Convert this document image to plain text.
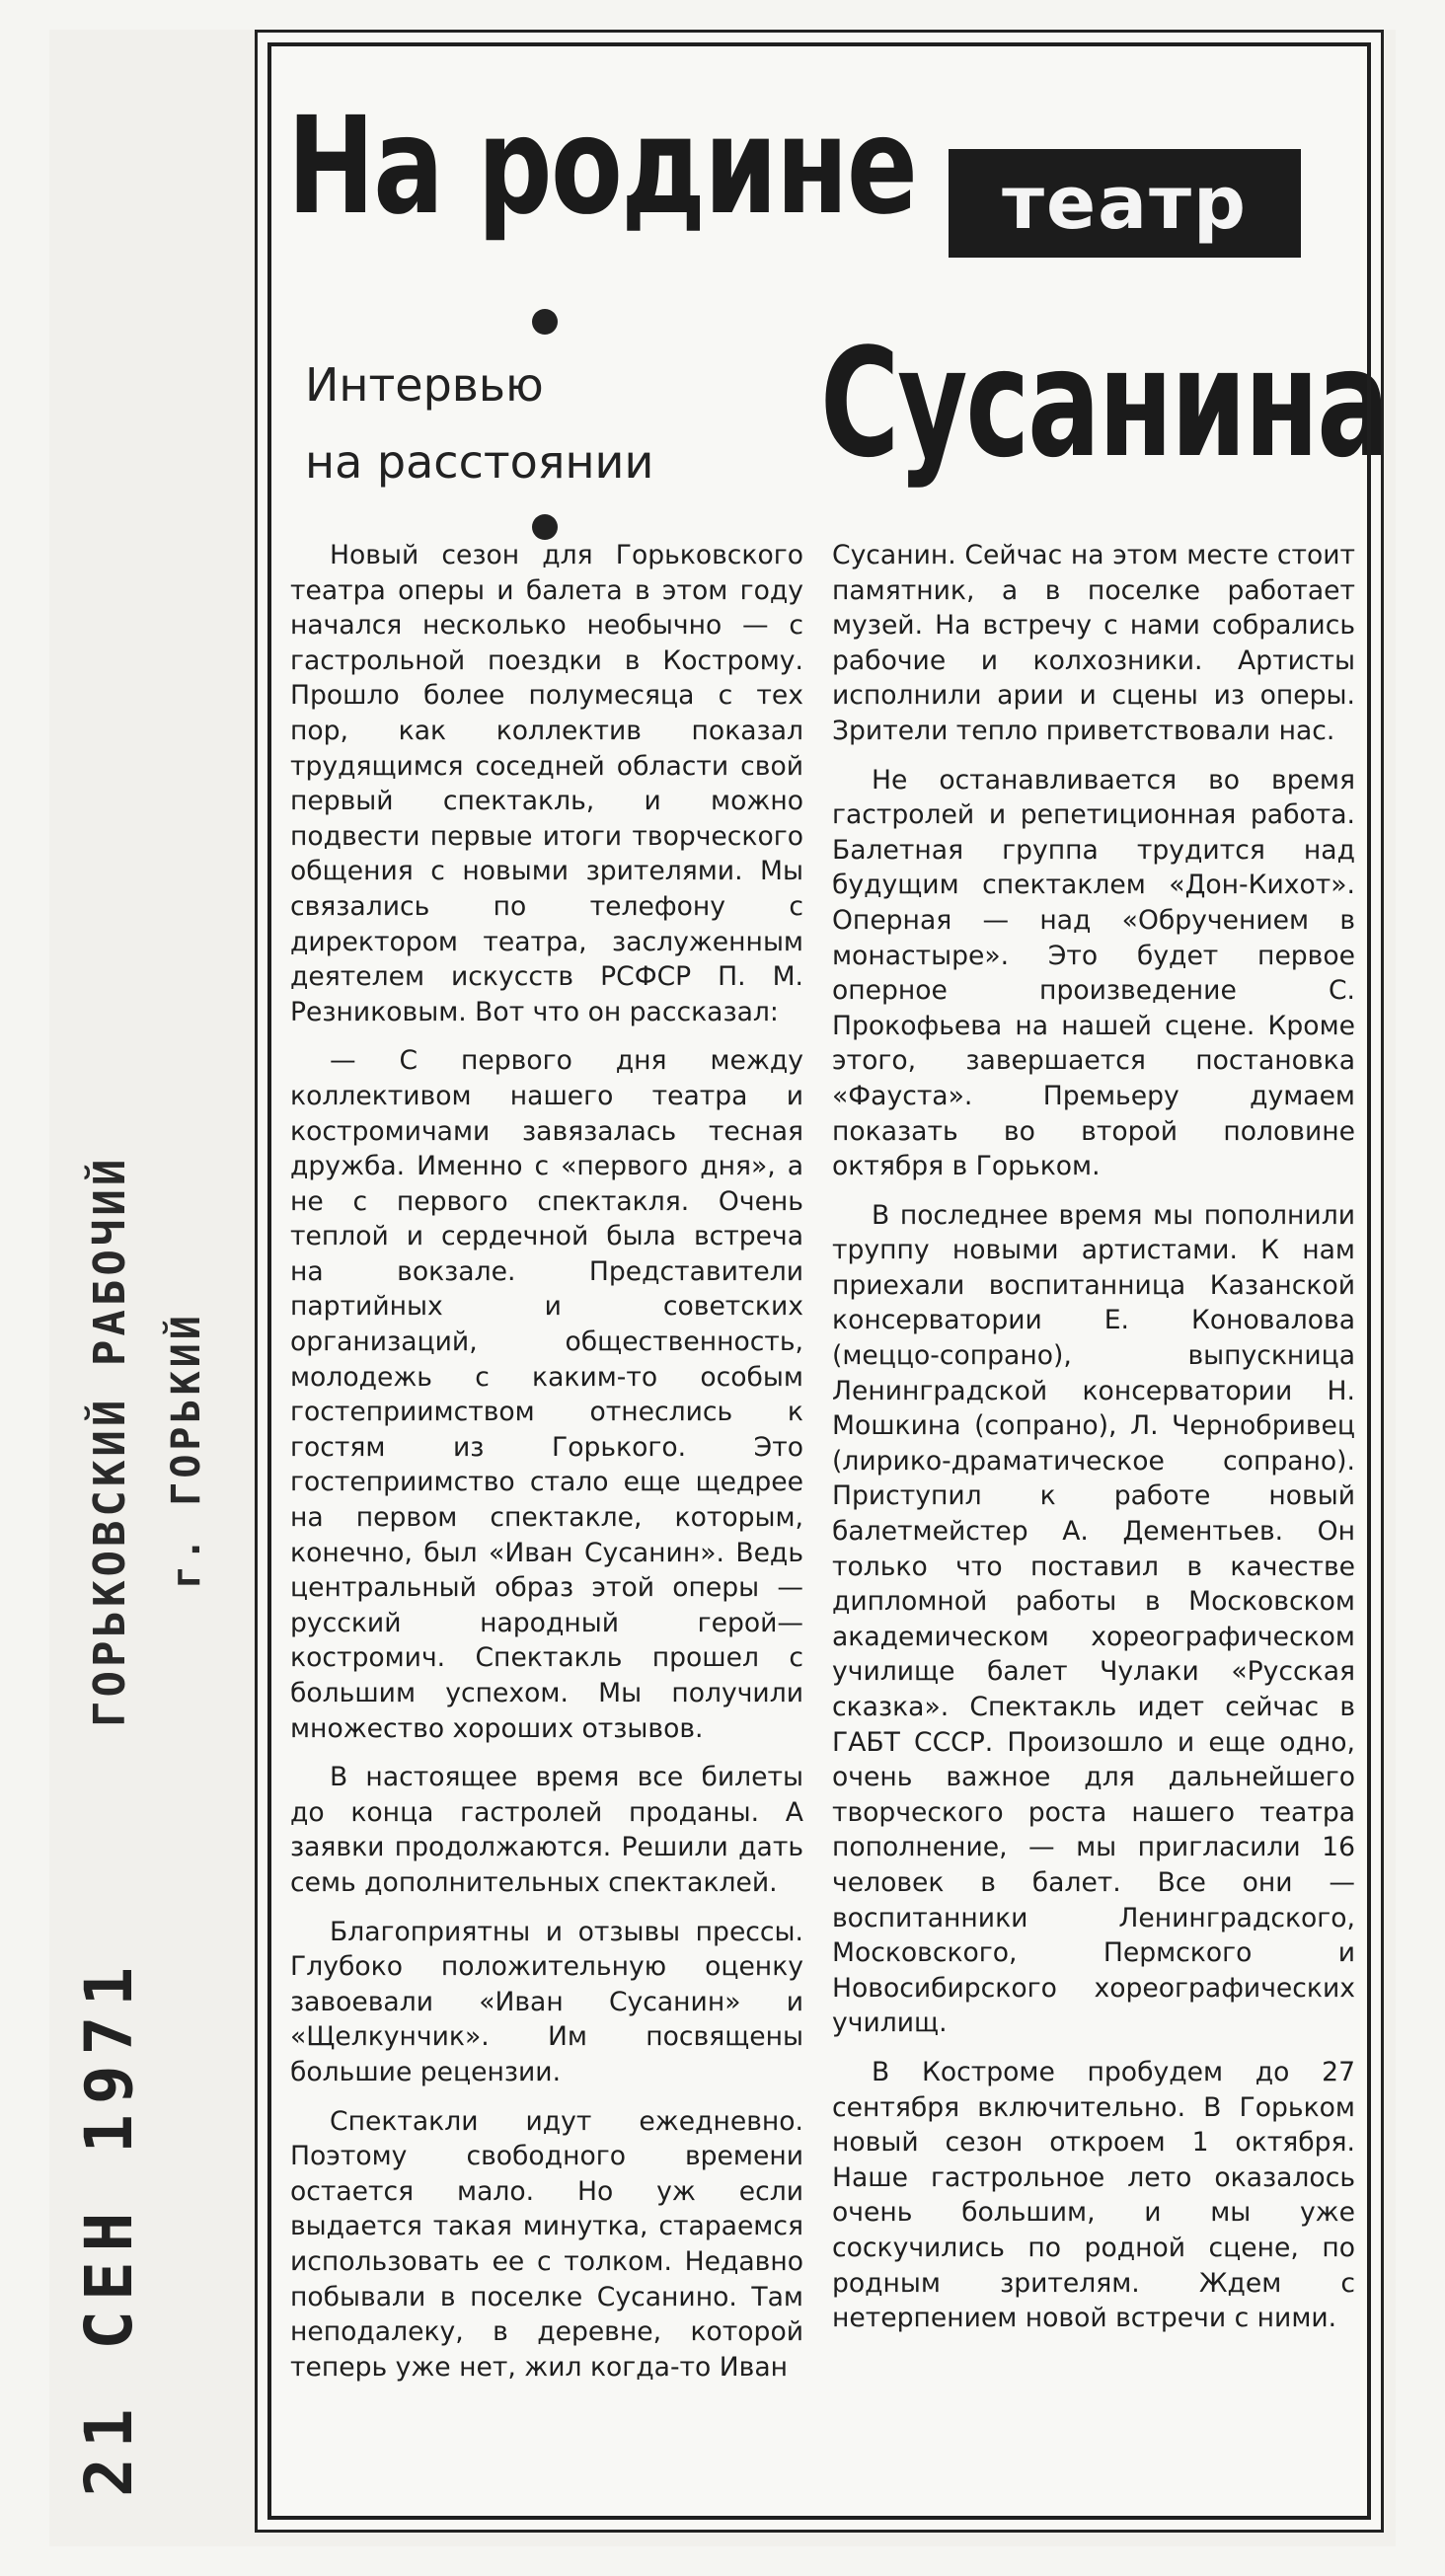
ГОРЬКОВСКИЙ РАБОЧИЙ г. ГОРЬКИЙ
21 СЕН 1971
На родине	театр
Сусанина
Интервью
на расстоянии

Новый сезон для Горьковского театра оперы и балета в этом году начался несколько необычно — с гастрольной поездки в Кострому. Прошло более полумесяца с тех пор, как коллектив показал трудящимся соседней области свой первый спектакль, и можно подвести первые итоги творческого общения с новыми зрителями. Мы связались по телефону с директором театра, заслуженным деятелем искусств РСФСР П. М. Резниковым. Вот что он рассказал:

— С первого дня между коллективом нашего театра и костромичами завязалась тесная дружба. Именно с «первого дня», а не с первого спектакля. Очень теплой и сердечной была встреча на вокзале. Представители партийных и советских организаций, общественность, молодежь с каким-то особым гостеприимством отнеслись к гостям из Горького. Это гостеприимство стало еще щедрее на первом спектакле, которым, конечно, был «Иван Сусанин». Ведь центральный образ этой оперы — русский народный герой—костромич. Спектакль прошел с большим успехом. Мы получили множество хороших отзывов.

В настоящее время все билеты до конца гастролей проданы. А заявки продолжаются. Решили дать семь дополнительных спектаклей.

Благоприятны и отзывы прессы. Глубоко положительную оценку завоевали «Иван Сусанин» и «Щелкунчик». Им посвящены большие рецензии.

Спектакли идут ежедневно. Поэтому свободного времени остается мало. Но уж если выдается такая минутка, стараемся использовать ее с толком. Недавно побывали в поселке Сусанино. Там неподалеку, в деревне, которой теперь уже нет, жил когда-то Иван

Сусанин. Сейчас на этом месте стоит памятник, а в поселке работает музей. На встречу с нами собрались рабочие и колхозники. Артисты исполнили арии и сцены из оперы. Зрители тепло приветствовали нас.

Не останавливается во время гастролей и репетиционная работа. Балетная группа трудится над будущим спектаклем «Дон-Кихот». Оперная — над «Обручением в монастыре». Это будет первое оперное произведение С. Прокофьева на нашей сцене. Кроме этого, завершается постановка «Фауста». Премьеру думаем показать во второй половине октября в Горьком.

В последнее время мы пополнили труппу новыми артистами. К нам приехали воспитанница Казанской консерватории Е. Коновалова (меццо-сопрано), выпускница Ленинградской консерватории Н. Мошкина (сопрано), Л. Чернобривец (лирико-драматическое сопрано). Приступил к работе новый балетмейстер А. Дементьев. Он только что поставил в качестве дипломной работы в Московском академическом хореографическом училище балет Чулаки «Русская сказка». Спектакль идет сейчас в ГАБТ СССР. Произошло и еще одно, очень важное для дальнейшего творческого роста нашего театра пополнение, — мы пригласили 16 человек в балет. Все они — воспитанники Ленинградского, Московского, Пермского и Новосибирского хореографических училищ.

В Костроме пробудем до 27 сентября включительно. В Горьком новый сезон откроем 1 октября. Наше гастрольное лето оказалось очень большим, и мы уже соскучились по родной сцене, по родным зрителям. Ждем с нетерпением новой встречи с ними.
